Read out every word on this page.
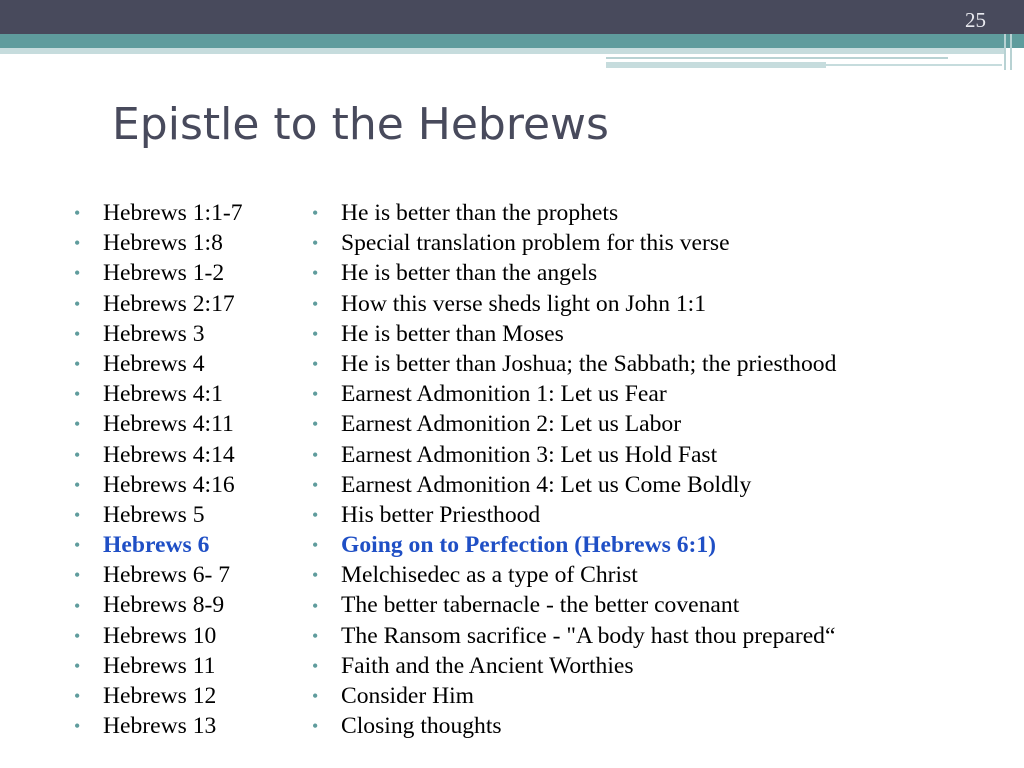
25
Epistle to the Hebrews
• Hebrews 1:1-7
• Hebrews 1:8
• Hebrews 1-2
• Hebrews 2:17
• Hebrews 3
• Hebrews 4
• Hebrews 4:1
• Hebrews 4:11
• Hebrews 4:14
• Hebrews 4:16
• Hebrews 5
• Hebrews 6
• Hebrews 6- 7
• Hebrews 8-9
• Hebrews 10
• Hebrews 11
• Hebrews 12
• Hebrews 13
• He is better than the prophets
• Special translation problem for this verse
• He is better than the angels
• How this verse sheds light on John 1:1
• He is better than Moses
• He is better than Joshua; the Sabbath; the priesthood
• Earnest Admonition 1: Let us Fear
• Earnest Admonition 2: Let us Labor
• Earnest Admonition 3: Let us Hold Fast
• Earnest Admonition 4: Let us Come Boldly
• His better Priesthood
• Going on to Perfection (Hebrews 6:1)
• Melchisedec as a type of Christ
• The better tabernacle - the better covenant
• The Ransom sacrifice - "A body hast thou prepared“
• Faith and the Ancient Worthies
• Consider Him
• Closing thoughts
